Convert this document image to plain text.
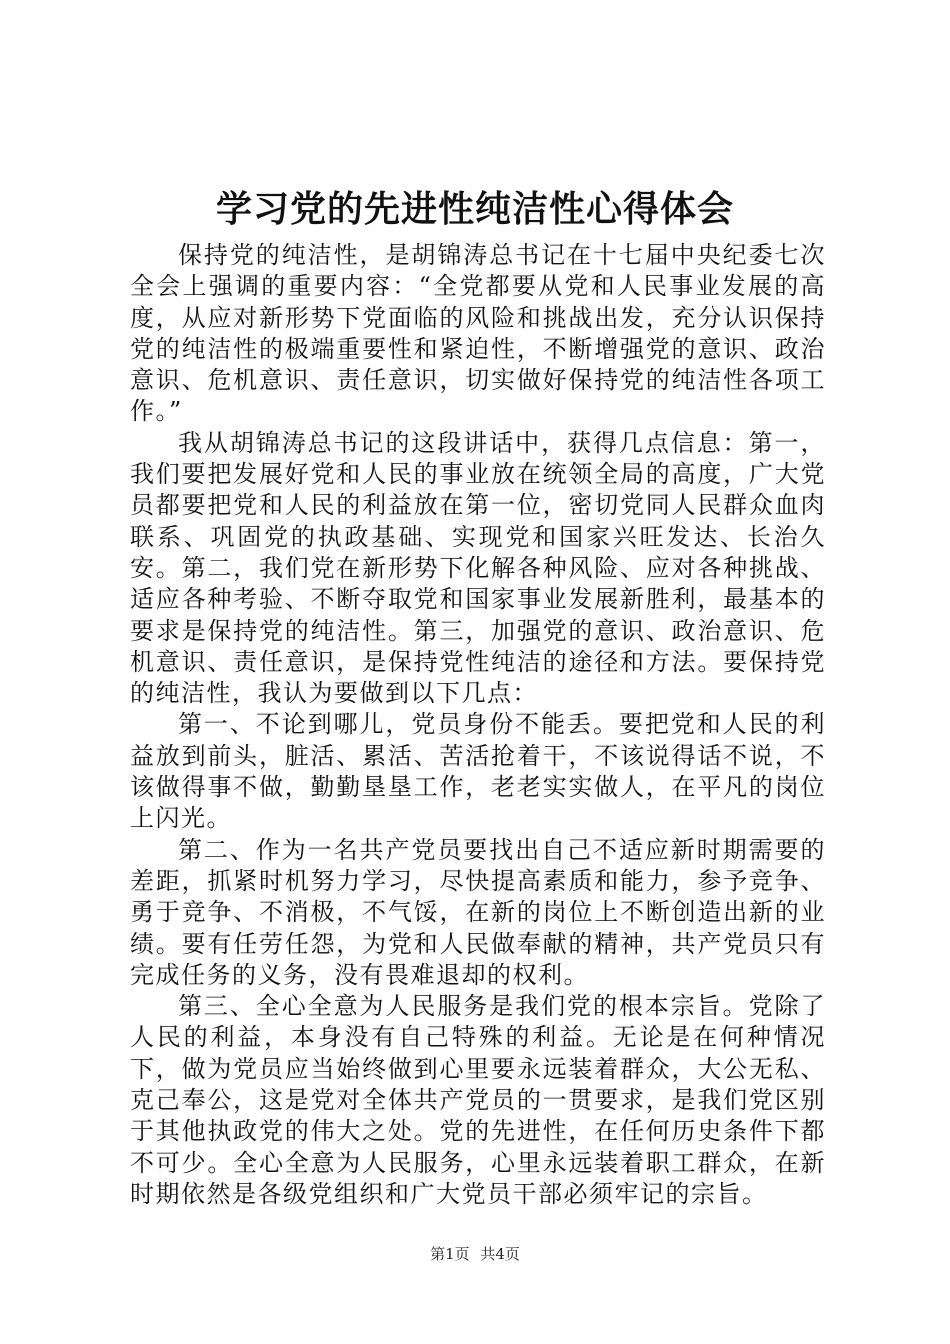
学习党的先进性纯洁性心得体会

保持党的纯洁性，是胡锦涛总书记在十七届中央纪委七次全会上强调的重要内容：“全党都要从党和人民事业发展的高度，从应对新形势下党面临的风险和挑战出发，充分认识保持党的纯洁性的极端重要性和紧迫性，不断增强党的意识、政治意识、危机意识、责任意识，切实做好保持党的纯洁性各项工作。”

我从胡锦涛总书记的这段讲话中，获得几点信息：第一，我们要把发展好党和人民的事业放在统领全局的高度，广大党员都要把党和人民的利益放在第一位，密切党同人民群众血肉联系、巩固党的执政基础、实现党和国家兴旺发达、长治久安。第二，我们党在新形势下化解各种风险、应对各种挑战、适应各种考验、不断夺取党和国家事业发展新胜利，最基本的要求是保持党的纯洁性。第三，加强党的意识、政治意识、危机意识、责任意识，是保持党性纯洁的途径和方法。要保持党的纯洁性，我认为要做到以下几点：

第一、不论到哪儿，党员身份不能丢。要把党和人民的利益放到前头，脏活、累活、苦活抢着干，不该说得话不说，不该做得事不做，勤勤垦垦工作，老老实实做人，在平凡的岗位上闪光。

第二、作为一名共产党员要找出自己不适应新时期需要的差距，抓紧时机努力学习，尽快提高素质和能力，参予竞争、勇于竞争、不消极，不气馁，在新的岗位上不断创造出新的业绩。要有任劳任怨，为党和人民做奉献的精神，共产党员只有完成任务的义务，没有畏难退却的权利。

第三、全心全意为人民服务是我们党的根本宗旨。党除了人民的利益，本身没有自己特殊的利益。无论是在何种情况下，做为党员应当始终做到心里要永远装着群众，大公无私、克己奉公，这是党对全体共产党员的一贯要求，是我们党区别于其他执政党的伟大之处。党的先进性，在任何历史条件下都不可少。全心全意为人民服务，心里永远装着职工群众，在新时期依然是各级党组织和广大党员干部必须牢记的宗旨。

第1页 共4页
